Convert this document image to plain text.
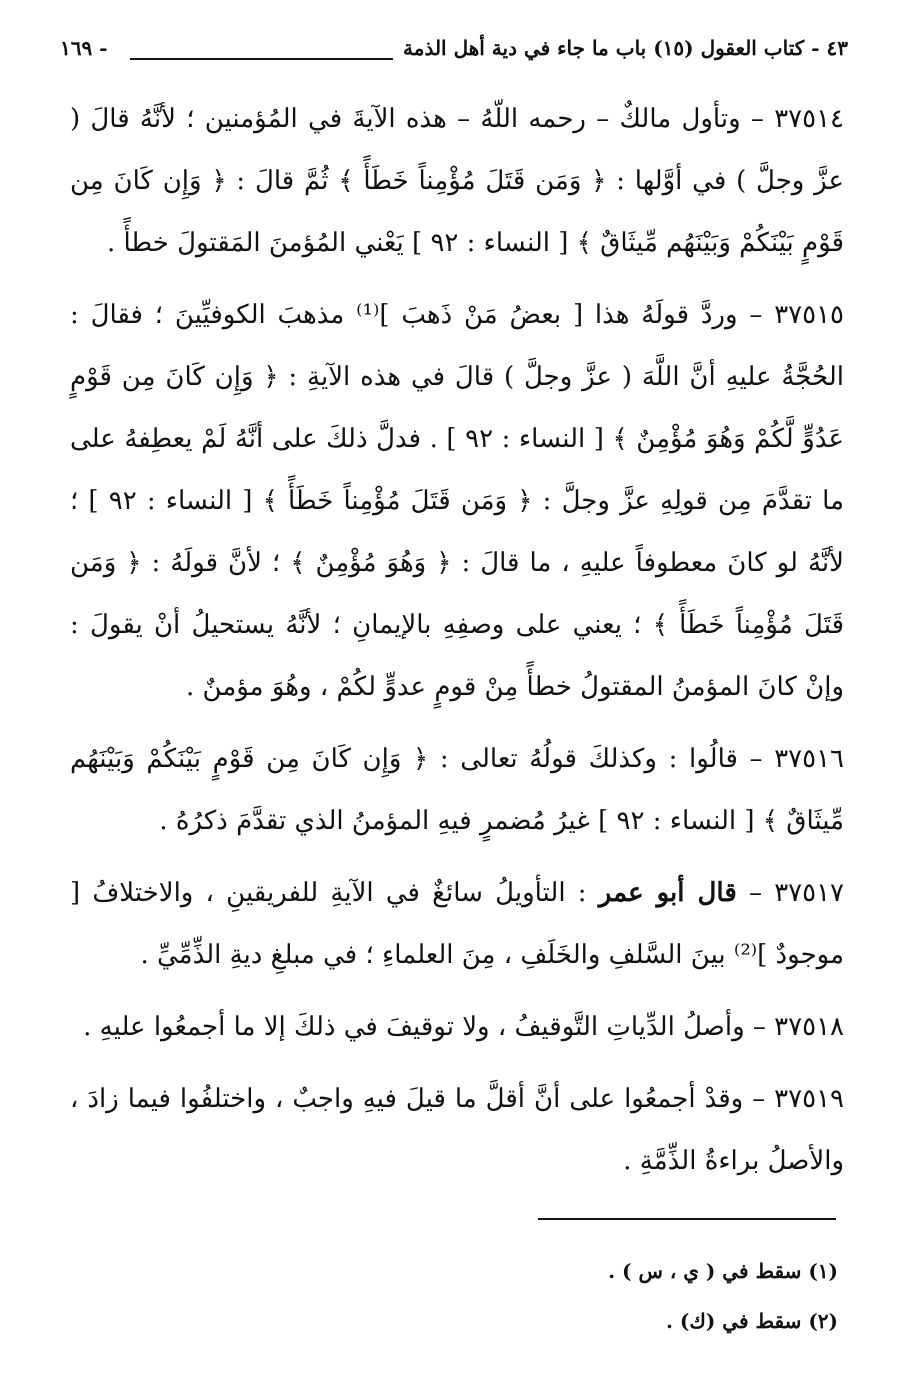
٤٣ - كتاب العقول (١٥) باب ما جاء في دية أهل الذمة
- ١٦٩

٣٧٥١٤ – وتأول مالكٌ – رحمه اللّهُ – هذه الآيةَ في المُؤمنين ؛ لأنَّهُ قالَ ( عزَّ وجلَّ ) في أوَّلها : ﴿ وَمَن قَتَلَ مُؤْمِناً خَطَأً ﴾ ثُمَّ قالَ : ﴿ وَإِن كَانَ مِن قَوْمٍ بَيْنَكُمْ وَبَيْنَهُم مِّيثَاقٌ ﴾ [ النساء : ٩٢ ] يَعْني المُؤمنَ المَقتولَ خطأً .

٣٧٥١٥ – وردَّ قولَهُ هذا [ بعضُ مَنْ ذَهبَ ]⁽¹⁾ مذهبَ الكوفيِّينَ ؛ فقالَ : الحُجَّةُ عليهِ أنَّ اللَّهَ ( عزَّ وجلَّ ) قالَ في هذه الآيةِ : ﴿ وَإِن كَانَ مِن قَوْمٍ عَدُوٍّ لَّكُمْ وَهُوَ مُؤْمِنٌ ﴾ [ النساء : ٩٢ ] . فدلَّ ذلكَ على أنَّهُ لَمْ يعطِفهُ على ما تقدَّمَ مِن قولِهِ عزَّ وجلَّ : ﴿ وَمَن قَتَلَ مُؤْمِناً خَطَأً ﴾ [ النساء : ٩٢ ] ؛ لأنَّهُ لو كانَ معطوفاً عليهِ ، ما قالَ : ﴿ وَهُوَ مُؤْمِنٌ ﴾ ؛ لأنَّ قولَهُ : ﴿ وَمَن قَتَلَ مُؤْمِناً خَطَأً ﴾ ؛ يعني على وصفِهِ بالإيمانِ ؛ لأنَّهُ يستحيلُ أنْ يقولَ : وإنْ كانَ المؤمنُ المقتولُ خطأً مِنْ قومٍ عدوٍّ لكُمْ ، وهُوَ مؤمنٌ .

٣٧٥١٦ – قالُوا : وكذلكَ قولُهُ تعالى : ﴿ وَإِن كَانَ مِن قَوْمٍ بَيْنَكُمْ وَبَيْنَهُم مِّيثَاقٌ ﴾ [ النساء : ٩٢ ] غيرُ مُضمرٍ فيهِ المؤمنُ الذي تقدَّمَ ذكرُهُ .

٣٧٥١٧ – قال أبو عمر : التأويلُ سائغٌ في الآيةِ للفريقينِ ، والاختلافُ [ موجودٌ ]⁽²⁾ بينَ السَّلفِ والخَلَفِ ، مِنَ العلماءِ ؛ في مبلغِ ديةِ الذِّمِّيِّ .

٣٧٥١٨ – وأصلُ الدِّياتِ التَّوقيفُ ، ولا توقيفَ في ذلكَ إلا ما أجمعُوا عليهِ .

٣٧٥١٩ – وقدْ أجمعُوا على أنَّ أقلَّ ما قيلَ فيهِ واجبٌ ، واختلفُوا فيما زادَ ، والأصلُ براءةُ الذِّمَّةِ .

(١) سقط في ( ي ، س ) .
(٢) سقط في (ك) .
